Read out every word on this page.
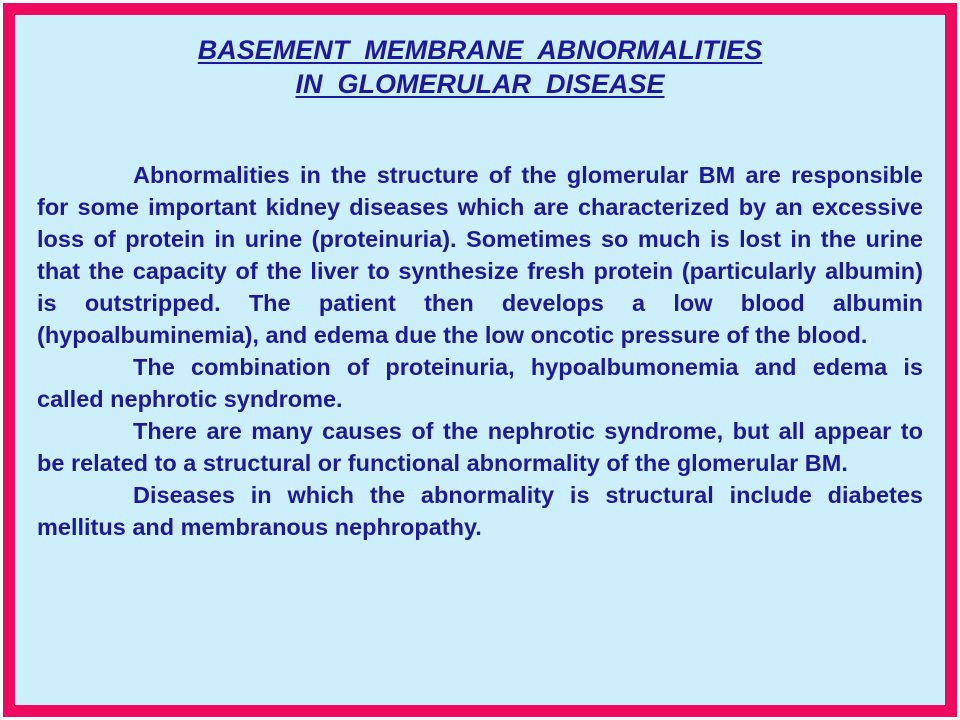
BASEMENT  MEMBRANE  ABNORMALITIES
IN  GLOMERULAR  DISEASE

Abnormalities in the structure of the glomerular BM are responsible for some important kidney diseases which are characterized by an excessive loss of protein in urine (proteinuria). Sometimes so much is lost in the urine that the capacity of the liver to synthesize fresh protein (particularly albumin) is outstripped. The patient then develops a low blood albumin (hypoalbuminemia), and edema due the low oncotic pressure of the blood.

The combination of proteinuria, hypoalbumonemia and edema is called nephrotic syndrome.

There are many causes of the nephrotic syndrome, but all appear to be related to a structural or functional abnormality of the glomerular BM.

Diseases in which the abnormality is structural include diabetes mellitus and membranous nephropathy.
